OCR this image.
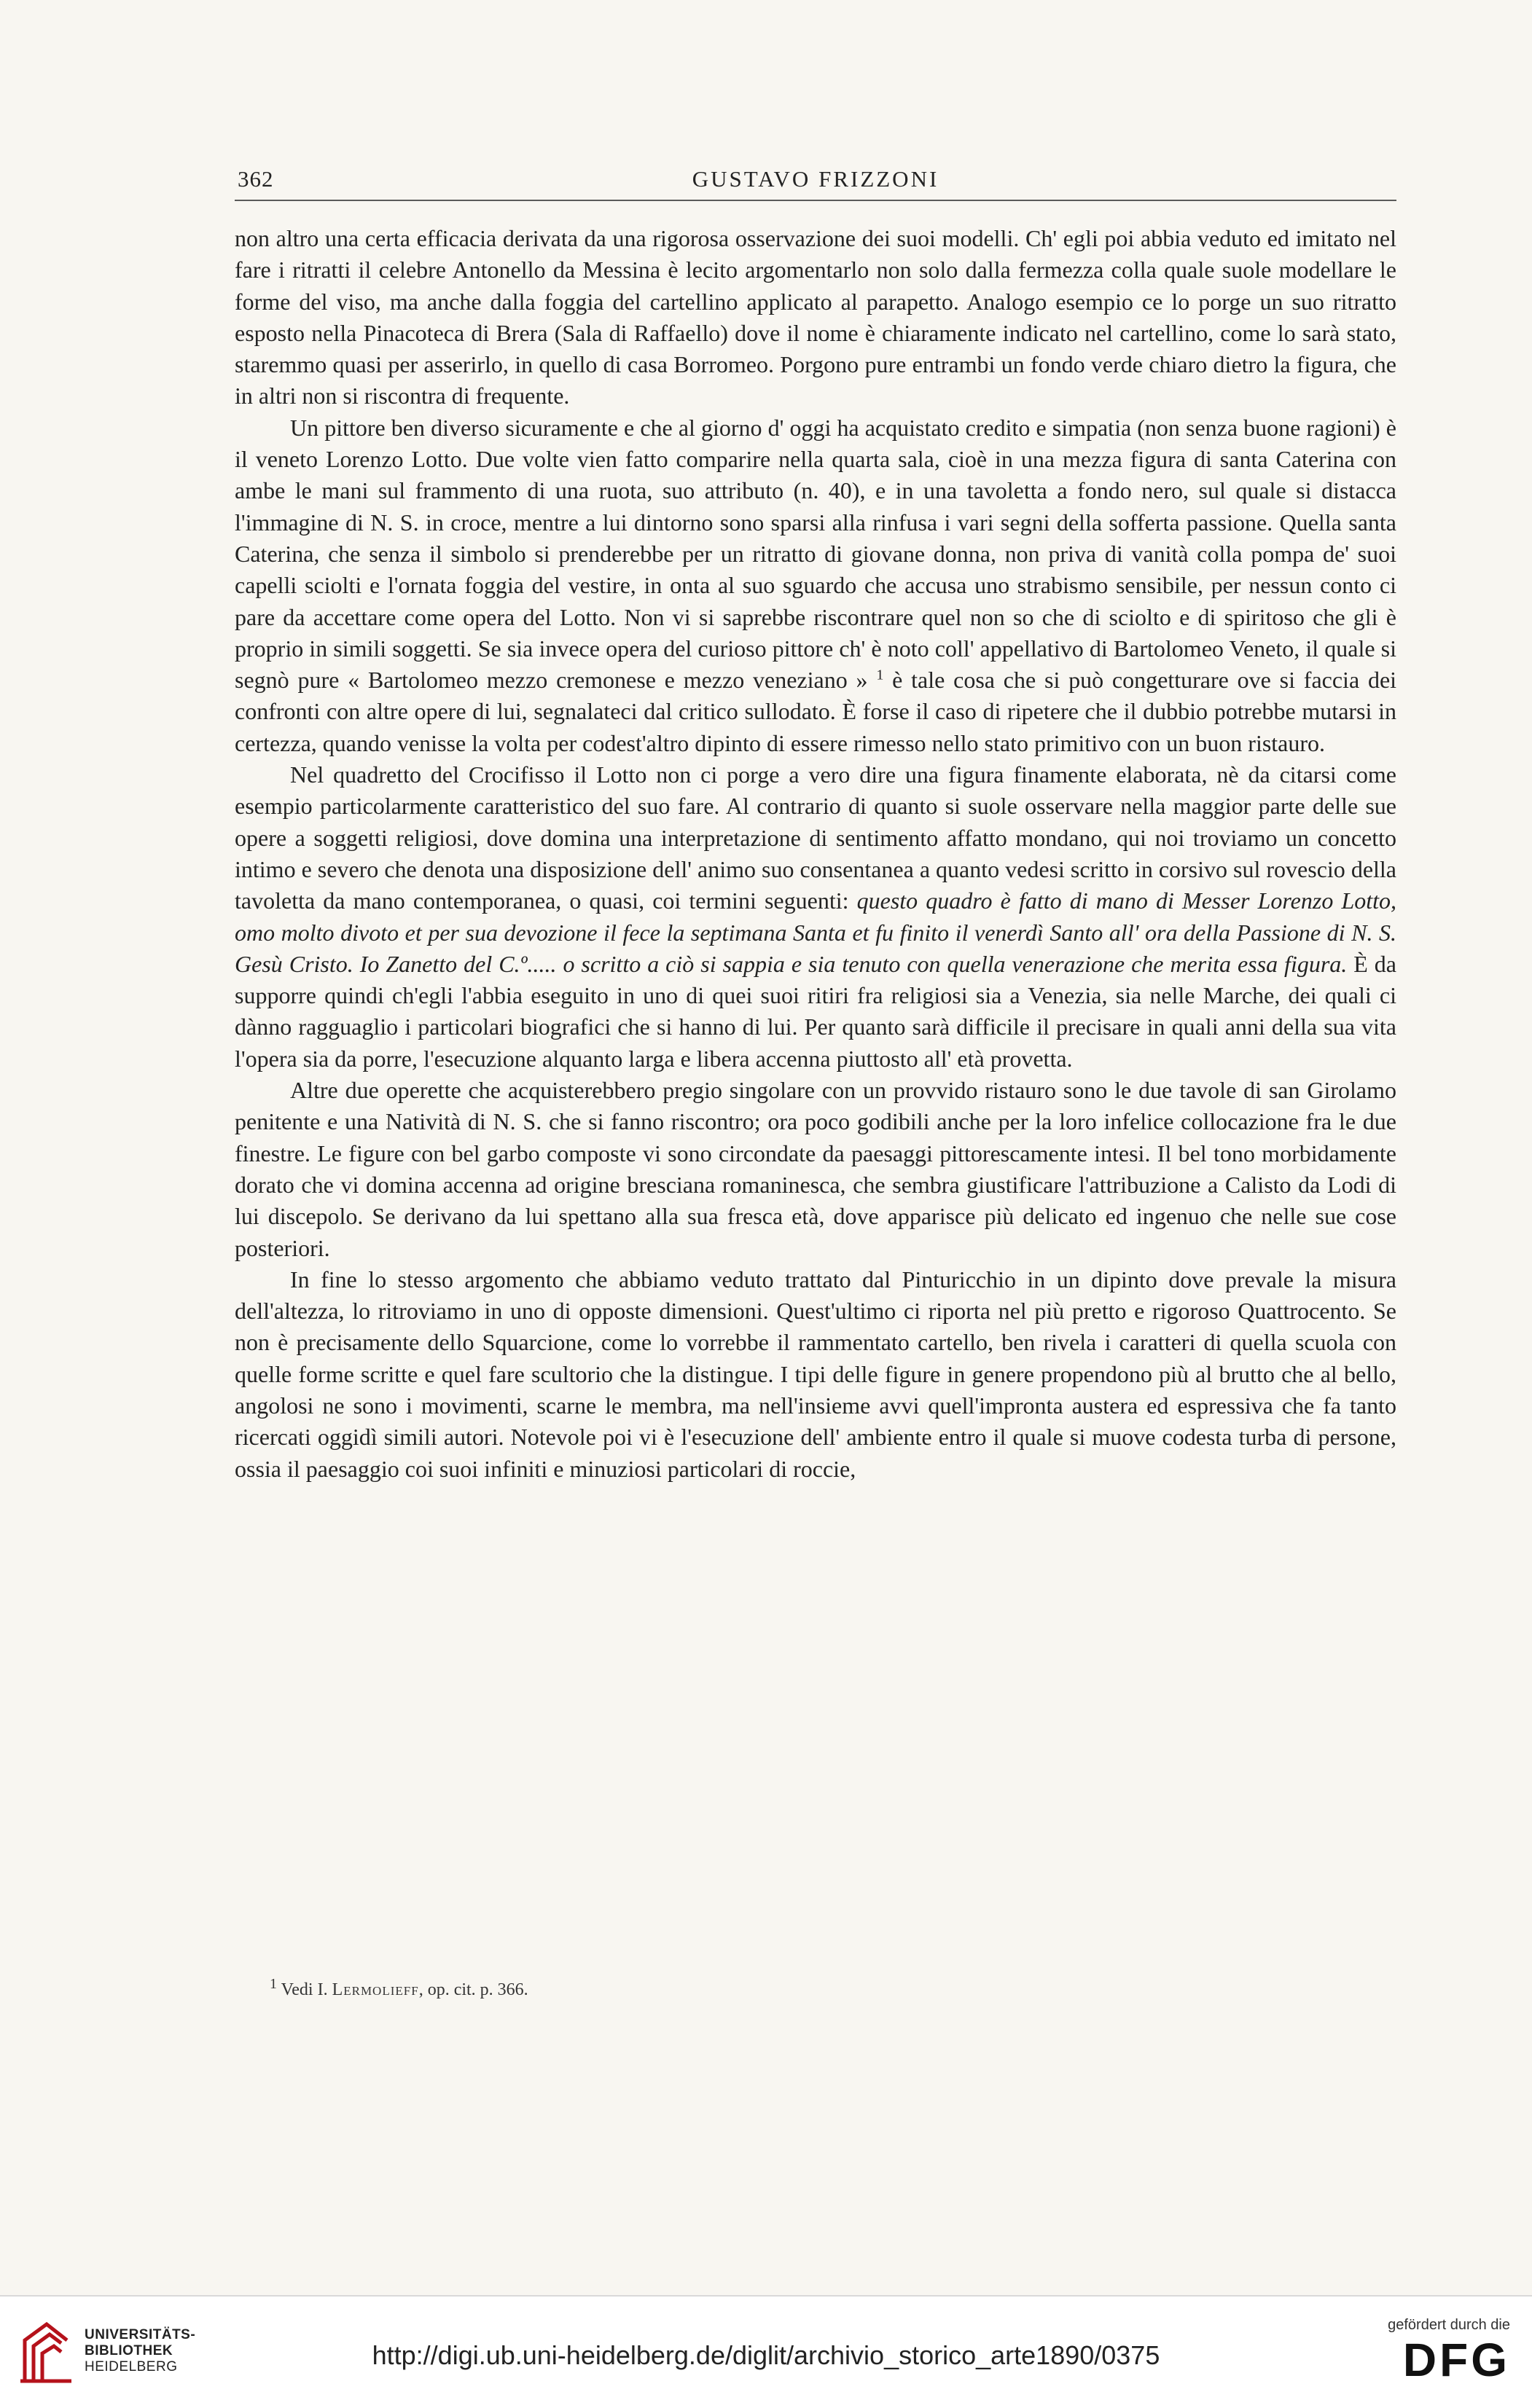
362	GUSTAVO FRIZZONI

non altro una certa efficacia derivata da una rigorosa osservazione dei suoi modelli. Ch' egli poi abbia veduto ed imitato nel fare i ritratti il celebre Antonello da Messina è lecito argomentarlo non solo dalla fermezza colla quale suole modellare le forme del viso, ma anche dalla foggia del cartellino applicato al parapetto. Analogo esempio ce lo porge un suo ritratto esposto nella Pinacoteca di Brera (Sala di Raffaello) dove il nome è chiaramente indicato nel cartellino, come lo sarà stato, staremmo quasi per asserirlo, in quello di casa Borromeo. Porgono pure entrambi un fondo verde chiaro dietro la figura, che in altri non si riscontra di frequente.

Un pittore ben diverso sicuramente e che al giorno d' oggi ha acquistato credito e simpatia (non senza buone ragioni) è il veneto Lorenzo Lotto. Due volte vien fatto comparire nella quarta sala, cioè in una mezza figura di santa Caterina con ambe le mani sul frammento di una ruota, suo attributo (n. 40), e in una tavoletta a fondo nero, sul quale si distacca l'immagine di N. S. in croce, mentre a lui dintorno sono sparsi alla rinfusa i vari segni della sofferta passione. Quella santa Caterina, che senza il simbolo si prenderebbe per un ritratto di giovane donna, non priva di vanità colla pompa de' suoi capelli sciolti e l'ornata foggia del vestire, in onta al suo sguardo che accusa uno strabismo sensibile, per nessun conto ci pare da accettare come opera del Lotto. Non vi si saprebbe riscontrare quel non so che di sciolto e di spiritoso che gli è proprio in simili soggetti. Se sia invece opera del curioso pittore ch' è noto coll' appellativo di Bartolomeo Veneto, il quale si segnò pure « Bartolomeo mezzo cremonese e mezzo veneziano » $^1$ è tale cosa che si può congetturare ove si faccia dei confronti con altre opere di lui, segnalateci dal critico sullodato. È forse il caso di ripetere che il dubbio potrebbe mutarsi in certezza, quando venisse la volta per codest'altro dipinto di essere rimesso nello stato primitivo con un buon ristauro.

Nel quadretto del Crocifisso il Lotto non ci porge a vero dire una figura finamente elaborata, nè da citarsi come esempio particolarmente caratteristico del suo fare. Al contrario di quanto si suole osservare nella maggior parte delle sue opere a soggetti religiosi, dove domina una interpretazione di sentimento affatto mondano, qui noi troviamo un concetto intimo e severo che denota una disposizione dell' animo suo consentanea a quanto vedesi scritto in corsivo sul rovescio della tavoletta da mano contemporanea, o quasi, coi termini seguenti: questo quadro è fatto di mano di Messer Lorenzo Lotto, omo molto divoto et per sua devozione il fece la septimana Santa et fu finito il venerdì Santo all' ora della Passione di N. S. Gesù Cristo. Io Zanetto del C.º..... o scritto a ciò si sappia e sia tenuto con quella venerazione che merita essa figura. È da supporre quindi ch'egli l'abbia eseguito in uno di quei suoi ritiri fra religiosi sia a Venezia, sia nelle Marche, dei quali ci dànno ragguaglio i particolari biografici che si hanno di lui. Per quanto sarà difficile il precisare in quali anni della sua vita l'opera sia da porre, l'esecuzione alquanto larga e libera accenna piuttosto all' età provetta.

Altre due operette che acquisterebbero pregio singolare con un provvido ristauro sono le due tavole di san Girolamo penitente e una Natività di N. S. che si fanno riscontro; ora poco godibili anche per la loro infelice collocazione fra le due finestre. Le figure con bel garbo composte vi sono circondate da paesaggi pittorescamente intesi. Il bel tono morbidamente dorato che vi domina accenna ad origine bresciana romaninesca, che sembra giustificare l'attribuzione a Calisto da Lodi di lui discepolo. Se derivano da lui spettano alla sua fresca età, dove apparisce più delicato ed ingenuo che nelle sue cose posteriori.

In fine lo stesso argomento che abbiamo veduto trattato dal Pinturicchio in un dipinto dove prevale la misura dell'altezza, lo ritroviamo in uno di opposte dimensioni. Quest'ultimo ci riporta nel più pretto e rigoroso Quattrocento. Se non è precisamente dello Squarcione, come lo vorrebbe il rammentato cartello, ben rivela i caratteri di quella scuola con quelle forme scritte e quel fare scultorio che la distingue. I tipi delle figure in genere propendono più al brutto che al bello, angolosi ne sono i movimenti, scarne le membra, ma nell'insieme avvi quell'impronta austera ed espressiva che fa tanto ricercati oggidì simili autori. Notevole poi vi è l'esecuzione dell' ambiente entro il quale si muove codesta turba di persone, ossia il paesaggio coi suoi infiniti e minuziosi particolari di roccie,

$^1$ Vedi I. Lermolieff, op. cit. p. 366.
UNIVERSITÄTS-
BIBLIOTHEK
HEIDELBERG	http://digi.ub.uni-heidelberg.de/diglit/archivio_storico_arte1890/0375
gefördert durch die
DFG
